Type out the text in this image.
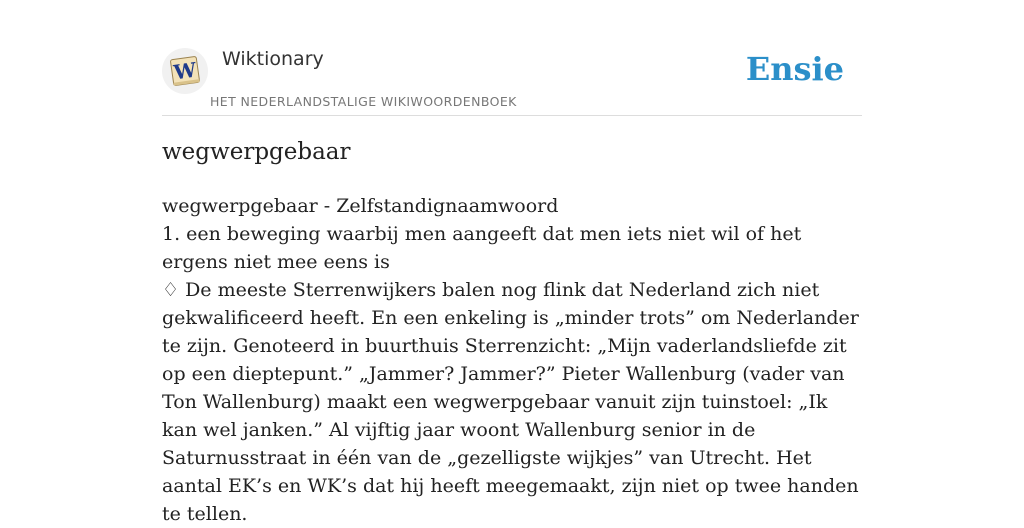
W Wiktionary
HET NEDERLANDSTALIGE WIKIWOORDENBOEK
Ensie
wegwerpgebaar

wegwerpgebaar - Zelfstandignaamwoord

1. een beweging waarbij men aangeeft dat men iets niet wil of het ergens niet mee eens is

♢ De meeste Sterrenwijkers balen nog flink dat Nederland zich niet gekwalificeerd heeft. En een enkeling is „minder trots” om Nederlander te zijn. Genoteerd in buurthuis Sterrenzicht: „Mijn vaderlandsliefde zit op een dieptepunt.” „Jammer? Jammer?” Pieter Wallenburg (vader van Ton Wallenburg) maakt een wegwerpgebaar vanuit zijn tuinstoel: „Ik kan wel janken.” Al vijftig jaar woont Wallenburg senior in de Saturnusstraat in één van de „gezelligste wijkjes” van Utrecht. Het aantal EK’s en WK’s dat hij heeft meegemaakt, zijn niet op twee handen te tellen.
